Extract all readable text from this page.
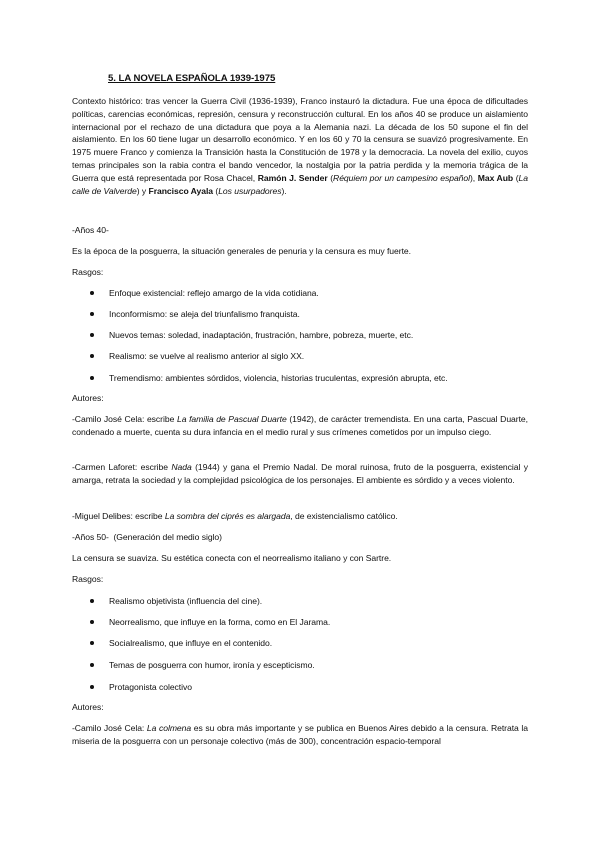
5. LA NOVELA ESPAÑOLA 1939-1975

Contexto histórico: tras vencer la Guerra Civil (1936-1939), Franco instauró la dictadura. Fue una época de dificultades políticas, carencias económicas, represión, censura y reconstrucción cultural. En los años 40 se produce un aislamiento internacional por el rechazo de una dictadura que poya a la Alemania nazi. La década de los 50 supone el fin del aislamiento. En los 60 tiene lugar un desarrollo económico. Y en los 60 y 70 la censura se suavizó progresivamente. En 1975 muere Franco y comienza la Transición hasta la Constitución de 1978 y la democracia. La novela del exilio, cuyos temas principales son la rabia contra el bando vencedor, la nostalgia por la patria perdida y la memoria trágica de la Guerra que está representada por Rosa Chacel, Ramón J. Sender (Réquiem por un campesino español), Max Aub (La calle de Valverde) y Francisco Ayala (Los usurpadores).

-Años 40-
Es la época de la posguerra, la situación generales de penuria y la censura es muy fuerte.
Rasgos:
Enfoque existencial: reflejo amargo de la vida cotidiana.
Inconformismo: se aleja del triunfalismo franquista.
Nuevos temas: soledad, inadaptación, frustración, hambre, pobreza, muerte, etc.
Realismo: se vuelve al realismo anterior al siglo XX.
Tremendismo: ambientes sórdidos, violencia, historias truculentas, expresión abrupta, etc.
Autores:

-Camilo José Cela: escribe La familia de Pascual Duarte (1942), de carácter tremendista. En una carta, Pascual Duarte, condenado a muerte, cuenta su dura infancia en el medio rural y sus crímenes cometidos por un impulso ciego.

-Carmen Laforet: escribe Nada (1944) y gana el Premio Nadal. De moral ruinosa, fruto de la posguerra, existencial y amarga, retrata la sociedad y la complejidad psicológica de los personajes. El ambiente es sórdido y a veces violento.

-Miguel Delibes: escribe La sombra del ciprés es alargada, de existencialismo católico.
-Años 50-  (Generación del medio siglo)
La censura se suaviza. Su estética conecta con el neorrealismo italiano y con Sartre.
Rasgos:
Realismo objetivista (influencia del cine).
Neorrealismo, que influye en la forma, como en El Jarama.
Socialrealismo, que influye en el contenido.
Temas de posguerra con humor, ironía y escepticismo.
Protagonista colectivo
Autores:

-Camilo José Cela: La colmena es su obra más importante y se publica en Buenos Aires debido a la censura. Retrata la miseria de la posguerra con un personaje colectivo (más de 300), concentración espacio-temporal
